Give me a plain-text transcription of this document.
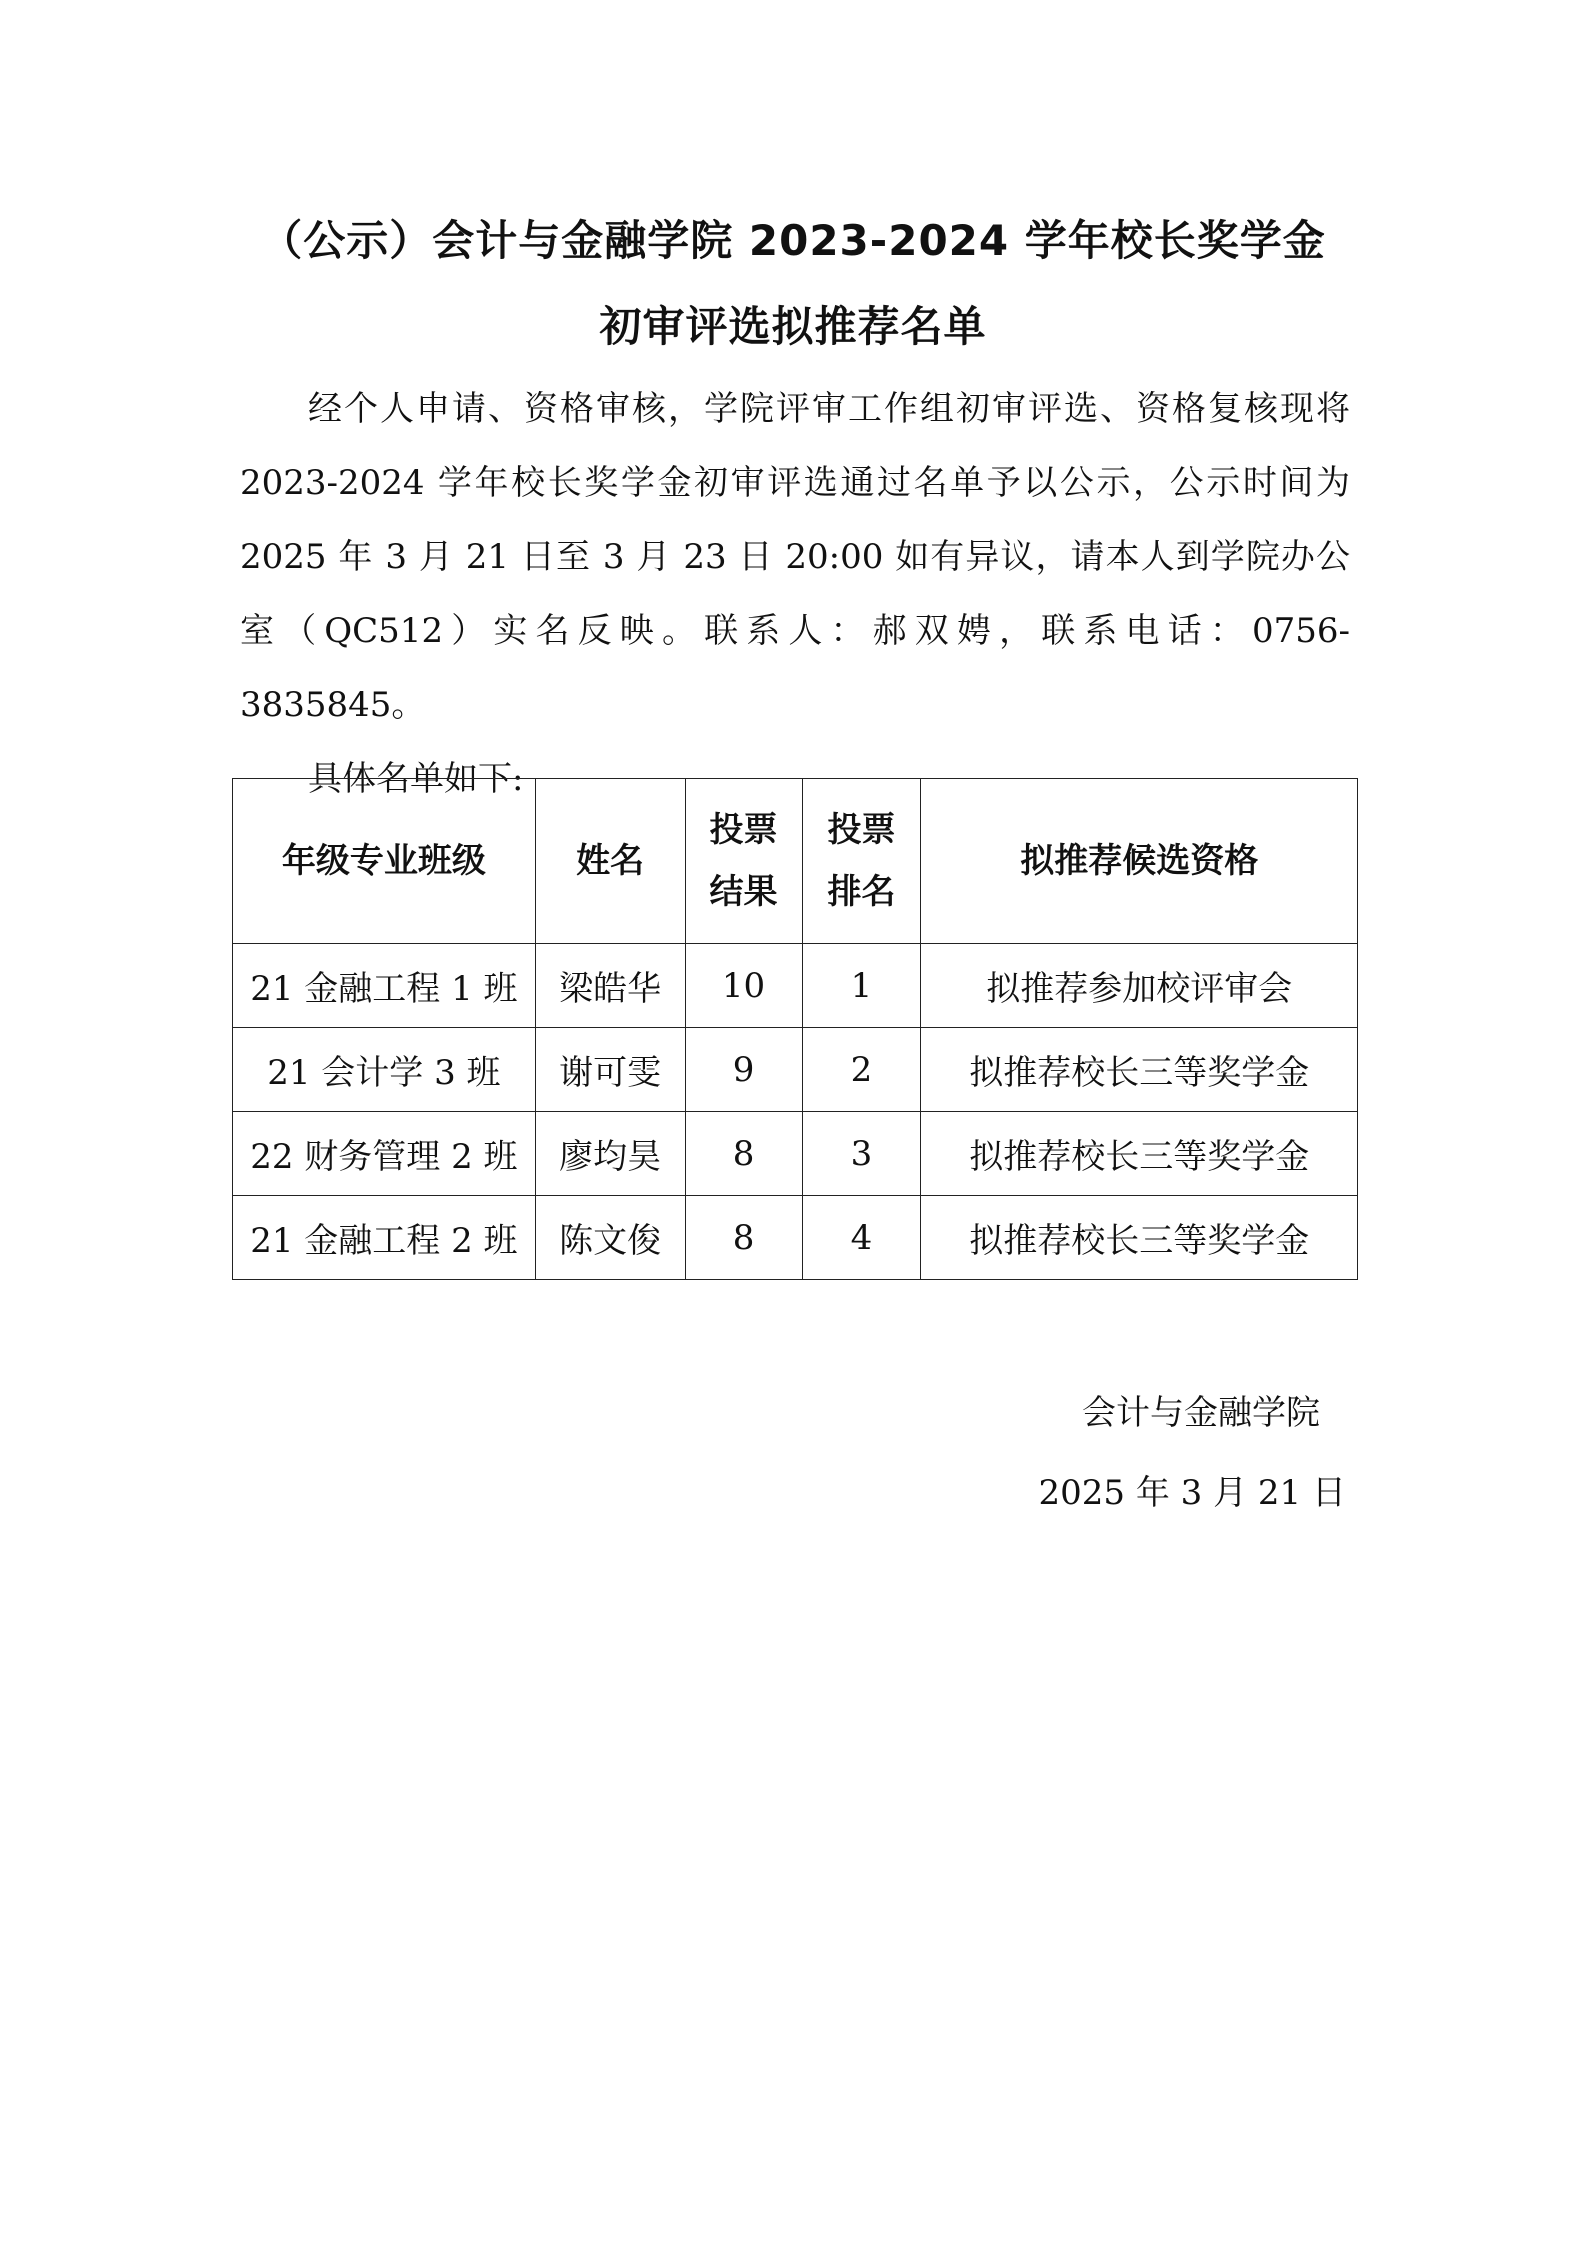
（公示）会计与金融学院 2023-2024 学年校长奖学金
初审评选拟推荐名单

经个人申请、资格审核，学院评审工作组初审评选、资格复核现将 2023-2024 学年校长奖学金初审评选通过名单予以公示，公示时间为 2025 年 3 月 21 日至 3 月 23 日 20:00 如有异议，请本人到学院办公室（QC512）实名反映。联系人：郝双娉，联系电话：0756-3835845。

具体名单如下:

年级专业班级	姓名	投票结果	投票排名	拟推荐候选资格
21 金融工程 1 班	梁皓华	10	1	拟推荐参加校评审会
21 会计学 3 班	谢可雯	9	2	拟推荐校长三等奖学金
22 财务管理 2 班	廖均昊	8	3	拟推荐校长三等奖学金
21 金融工程 2 班	陈文俊	8	4	拟推荐校长三等奖学金

会计与金融学院

2025 年 3 月 21 日
